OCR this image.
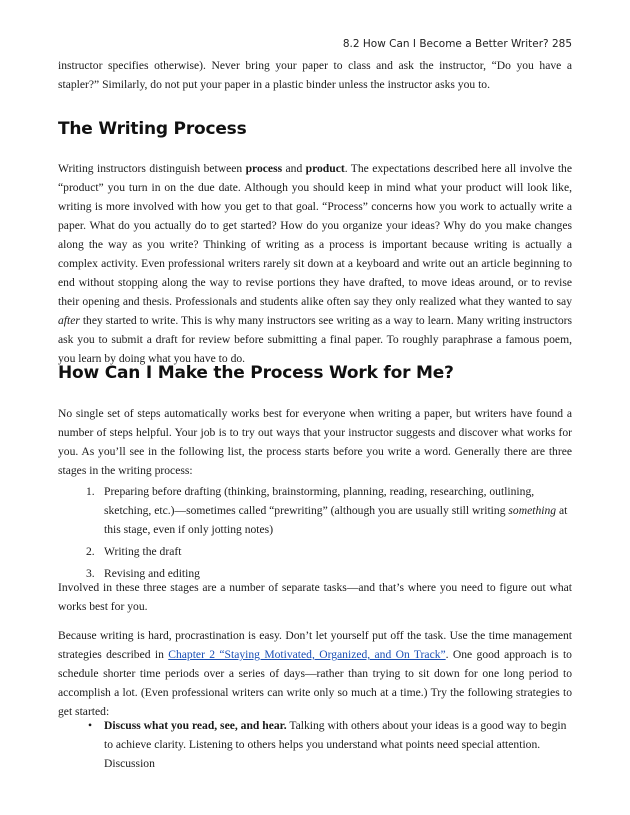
8.2 How Can I Become a Better Writer? 285

instructor specifies otherwise). Never bring your paper to class and ask the instructor, “Do you have a stapler?” Similarly, do not put your paper in a plastic binder unless the instructor asks you to.

The Writing Process

Writing instructors distinguish between process and product. The expectations described here all involve the “product” you turn in on the due date. Although you should keep in mind what your product will look like, writing is more involved with how you get to that goal. “Process” concerns how you work to actually write a paper. What do you actually do to get started? How do you organize your ideas? Why do you make changes along the way as you write? Thinking of writing as a process is important because writing is actually a complex activity. Even professional writers rarely sit down at a keyboard and write out an article beginning to end without stopping along the way to revise portions they have drafted, to move ideas around, or to revise their opening and thesis. Professionals and students alike often say they only realized what they wanted to say after they started to write. This is why many instructors see writing as a way to learn. Many writing instructors ask you to submit a draft for review before submitting a final paper. To roughly paraphrase a famous poem, you learn by doing what you have to do.

How Can I Make the Process Work for Me?

No single set of steps automatically works best for everyone when writing a paper, but writers have found a number of steps helpful. Your job is to try out ways that your instructor suggests and discover what works for you. As you’ll see in the following list, the process starts before you write a word. Generally there are three stages in the writing process:

1. Preparing before drafting (thinking, brainstorming, planning, reading, researching, outlining, sketching, etc.)—sometimes called “prewriting” (although you are usually still writing something at this stage, even if only jotting notes)
2. Writing the draft
3. Revising and editing

Involved in these three stages are a number of separate tasks—and that’s where you need to figure out what works best for you.

Because writing is hard, procrastination is easy. Don’t let yourself put off the task. Use the time management strategies described in Chapter 2 “Staying Motivated, Organized, and On Track”. One good approach is to schedule shorter time periods over a series of days—rather than trying to sit down for one long period to accomplish a lot. (Even professional writers can write only so much at a time.) Try the following strategies to get started:

• Discuss what you read, see, and hear. Talking with others about your ideas is a good way to begin to achieve clarity. Listening to others helps you understand what points need special attention. Discussion
